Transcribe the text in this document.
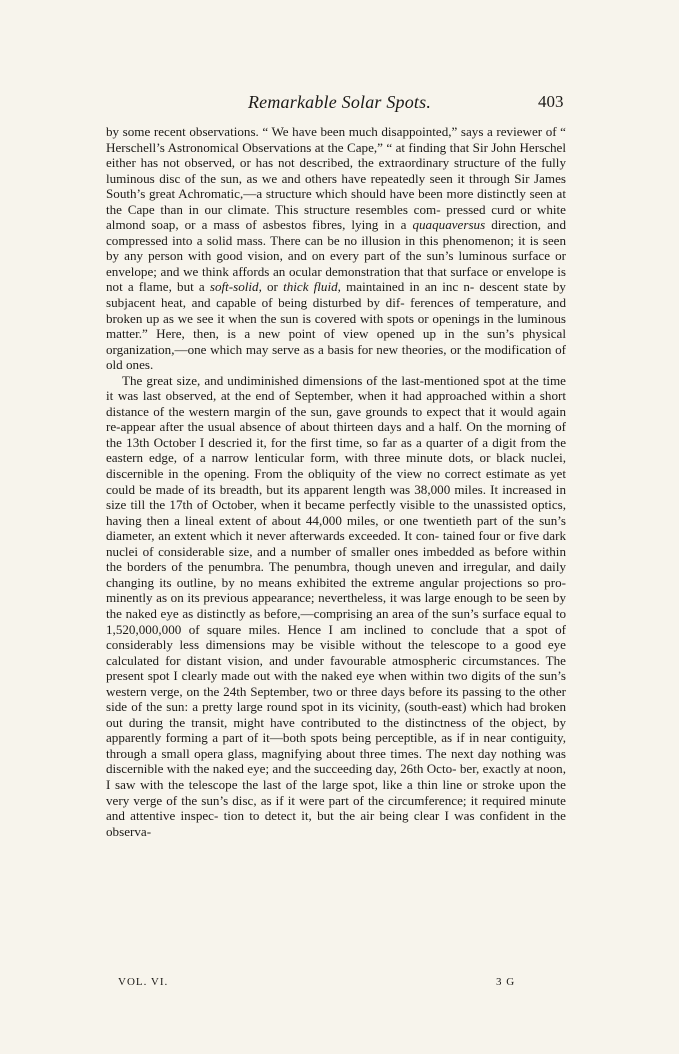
Remarkable Solar Spots.	403

by some recent observations. “ We have been much disappointed,” says a reviewer of “ Herschell’s Astronomical Observations at the Cape,” “ at finding that Sir John Herschel either has not observed, or has not described, the extraordinary structure of the fully luminous disc of the sun, as we and others have repeatedly seen it through Sir James South’s great Achromatic,—a structure which should have been more distinctly seen at the Cape than in our climate. This structure resembles com- pressed curd or white almond soap, or a mass of asbestos fibres, lying in a quaquaversus direction, and compressed into a solid mass. There can be no illusion in this phenomenon; it is seen by any person with good vision, and on every part of the sun’s luminous surface or envelope; and we think affords an ocular demonstration that that surface or envelope is not a flame, but a soft-solid, or thick fluid, maintained in an inc n- descent state by subjacent heat, and capable of being disturbed by dif- ferences of temperature, and broken up as we see it when the sun is covered with spots or openings in the luminous matter.” Here, then, is a new point of view opened up in the sun’s physical organization,—one which may serve as a basis for new theories, or the modification of old ones.

The great size, and undiminished dimensions of the last-mentioned spot at the time it was last observed, at the end of September, when it had approached within a short distance of the western margin of the sun, gave grounds to expect that it would again re-appear after the usual absence of about thirteen days and a half. On the morning of the 13th October I descried it, for the first time, so far as a quarter of a digit from the eastern edge, of a narrow lenticular form, with three minute dots, or black nuclei, discernible in the opening. From the obliquity of the view no correct estimate as yet could be made of its breadth, but its apparent length was 38,000 miles. It increased in size till the 17th of October, when it became perfectly visible to the unassisted optics, having then a lineal extent of about 44,000 miles, or one twentieth part of the sun’s diameter, an extent which it never afterwards exceeded. It con- tained four or five dark nuclei of considerable size, and a number of smaller ones imbedded as before within the borders of the penumbra. The penumbra, though uneven and irregular, and daily changing its outline, by no means exhibited the extreme angular projections so pro- minently as on its previous appearance; nevertheless, it was large enough to be seen by the naked eye as distinctly as before,—comprising an area of the sun’s surface equal to 1,520,000,000 of square miles. Hence I am inclined to conclude that a spot of considerably less dimensions may be visible without the telescope to a good eye calculated for distant vision, and under favourable atmospheric circumstances. The present spot I clearly made out with the naked eye when within two digits of the sun’s western verge, on the 24th September, two or three days before its passing to the other side of the sun: a pretty large round spot in its vicinity, (south-east) which had broken out during the transit, might have contributed to the distinctness of the object, by apparently forming a part of it—both spots being perceptible, as if in near contiguity, through a small opera glass, magnifying about three times. The next day nothing was discernible with the naked eye; and the succeeding day, 26th Octo- ber, exactly at noon, I saw with the telescope the last of the large spot, like a thin line or stroke upon the very verge of the sun’s disc, as if it were part of the circumference; it required minute and attentive inspec- tion to detect it, but the air being clear I was confident in the observa-

VOL. VI.	3 G
